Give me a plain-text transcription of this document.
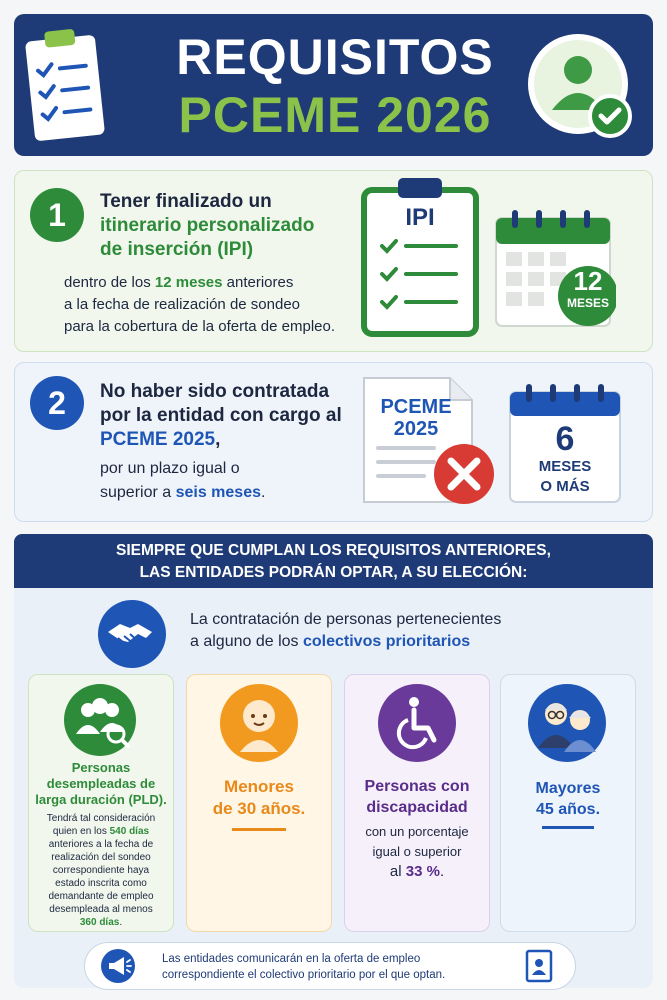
REQUISITOS
PCEME 2026
1	Tener finalizado un
itinerario personalizado
de inserción (IPI)
dentro de los 12 meses anteriores
a la fecha de realización de sondeo
para la cobertura de la oferta de empleo.
IPI
12
MESES
2	No haber sido contratada
por la entidad con cargo al
PCEME 2025,
por un plazo igual o
superior a seis meses.
PCEME
2025	6
MESES
O MÁS
SIEMPRE QUE CUMPLAN LOS REQUISITOS ANTERIORES,
LAS ENTIDADES PODRÁN OPTAR, A SU ELECCIÓN:
La contratación de personas pertenecientes
a alguno de los colectivos prioritarios
Personas
desempleadas de
larga duración (PLD).
Tendrá tal consideración
quien en los 540 días
anteriores a la fecha de
realización del sondeo
correspondiente haya
estado inscrita como
demandante de empleo
desempleada al menos
360 días.
Menores
de 30 años.
Personas con
discapacidad
con un porcentaje
igual o superior
al 33 %.
Mayores
45 años.
Las entidades comunicarán en la oferta de empleo
correspondiente el colectivo prioritario por el que optan.
